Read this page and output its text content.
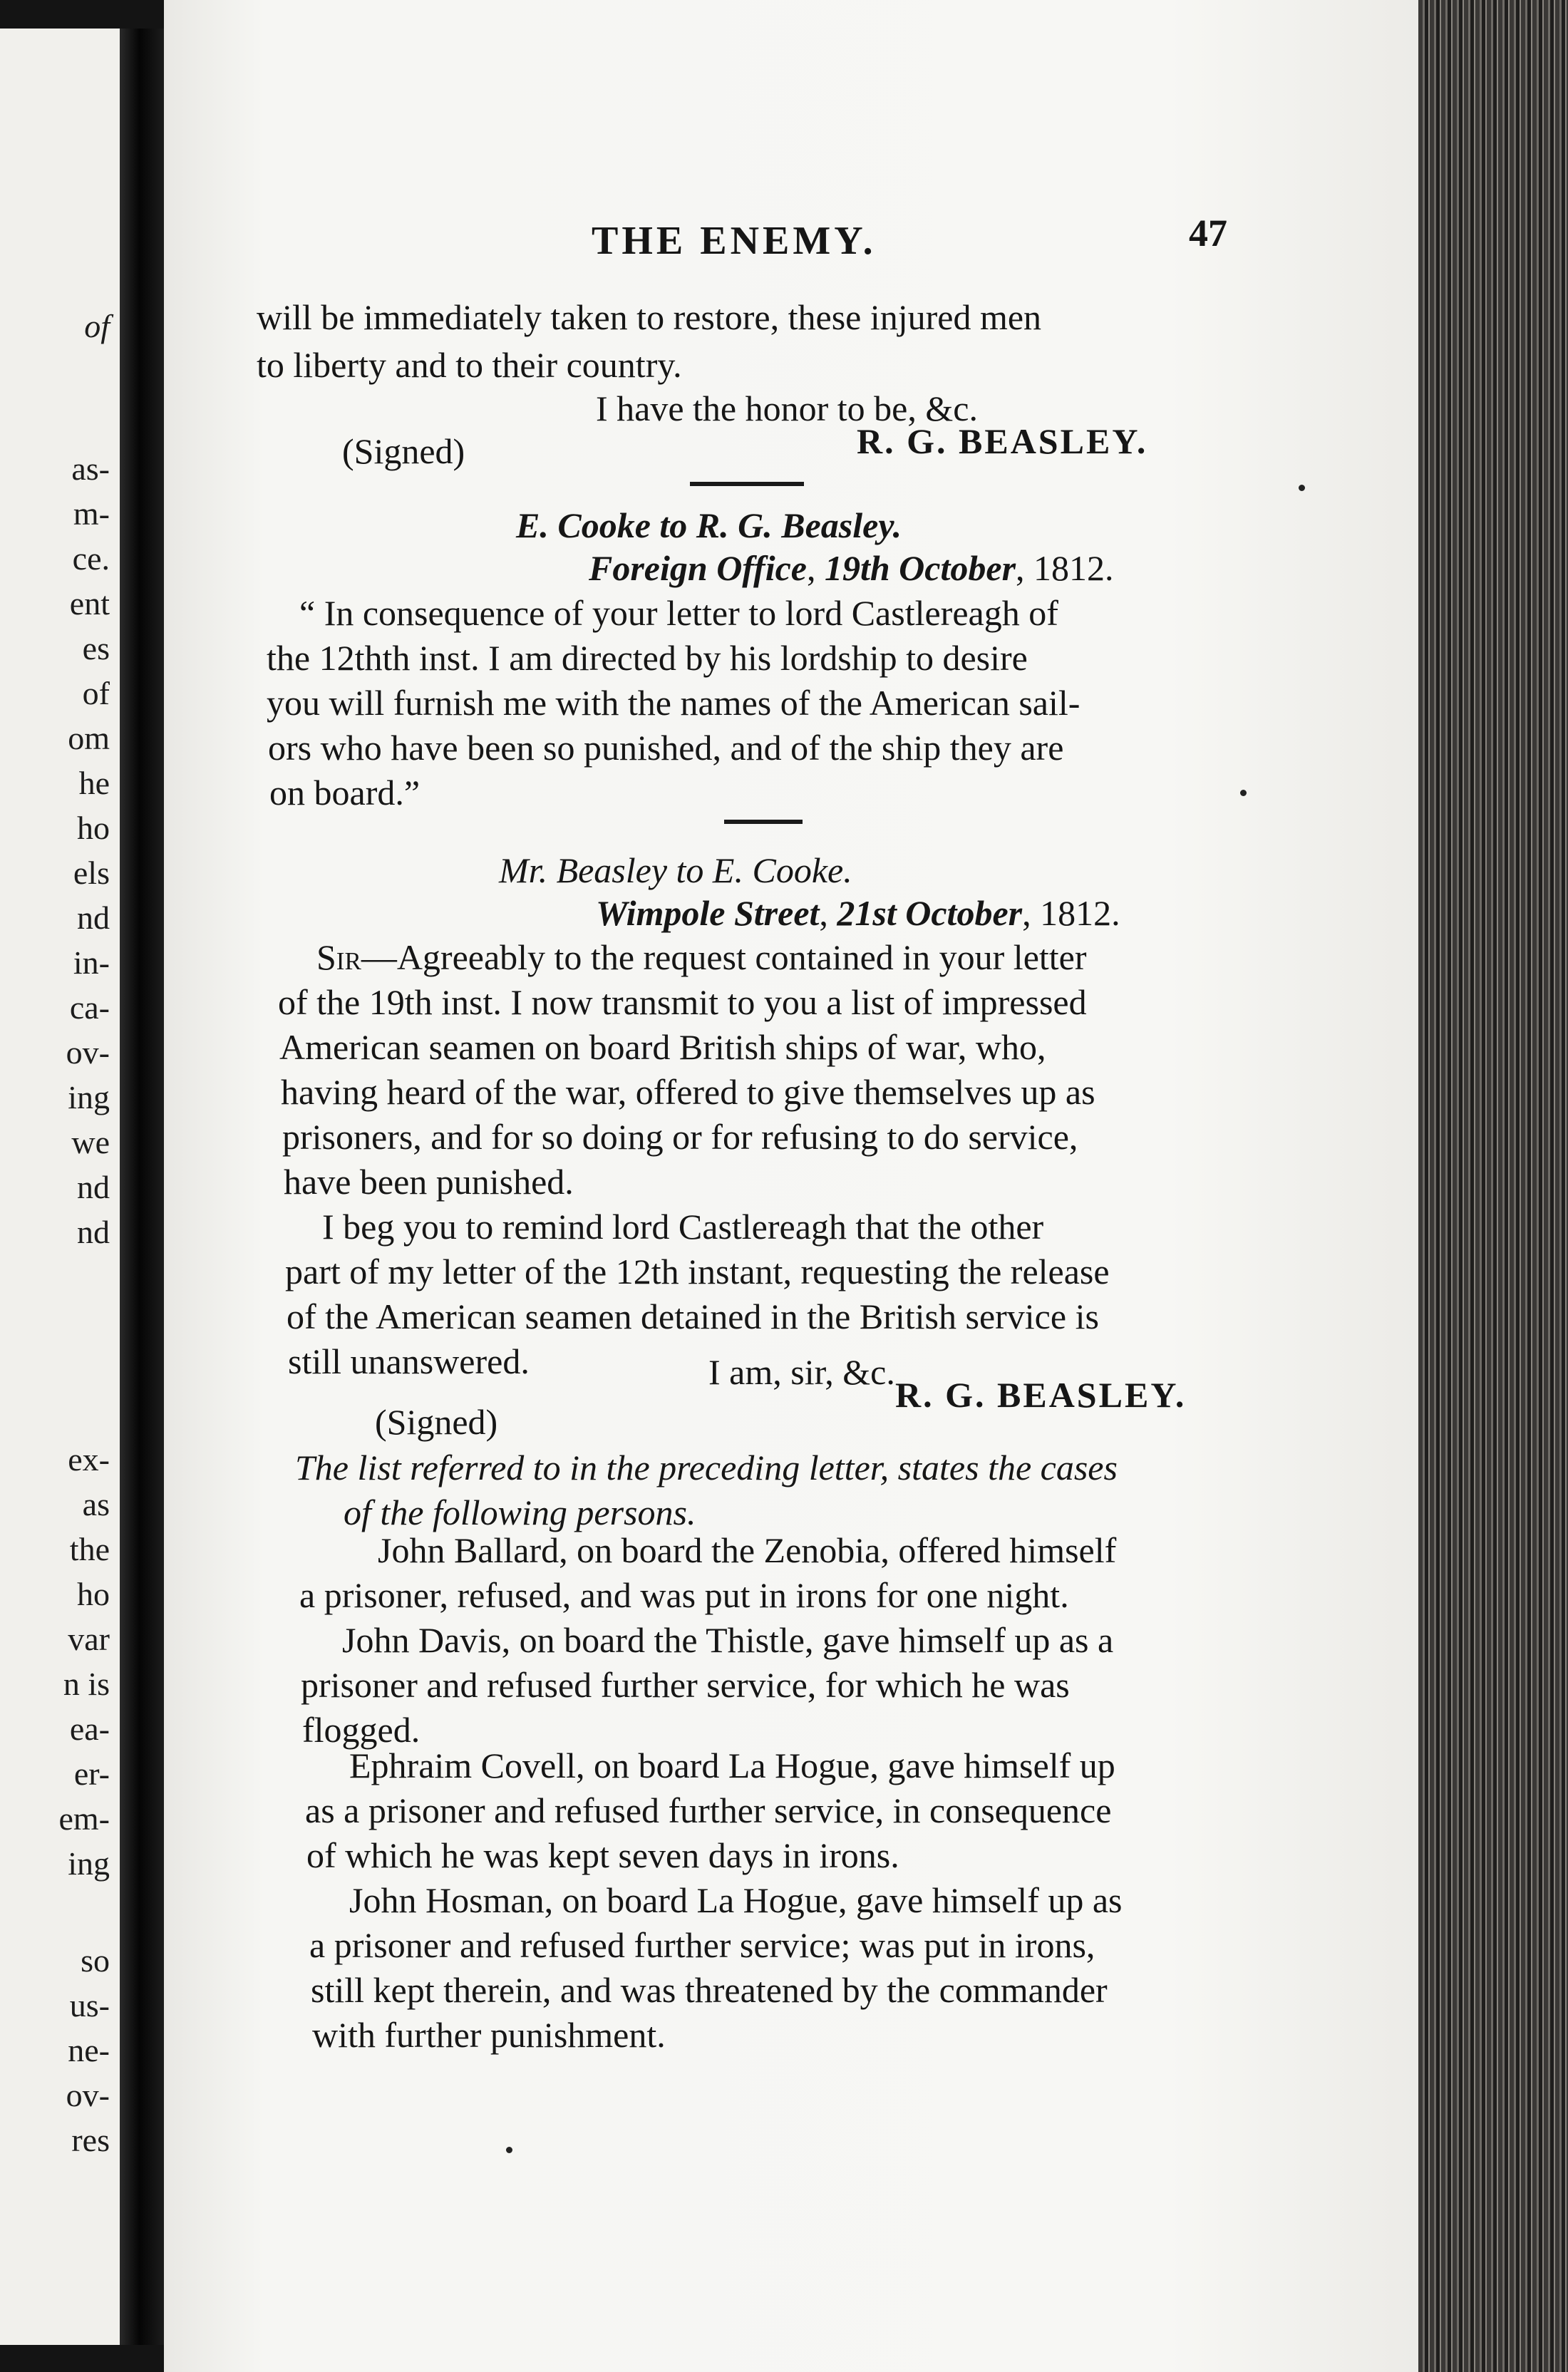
of
as-
m-
ce.
ent
es
of
om
he
ho
els
nd
in-
ca-
ov-
ing
we
nd
nd
ex-
as
the
ho
var
n is
ea-
er-
em-
ing
so
us-
ne-
ov-
res
THE ENEMY.	47
will be immediately taken to restore, these injured men
to liberty and to their country.
I have the honor to be, &c.
(Signed)	R. G. BEASLEY.
E. Cooke to R. G. Beasley.
Foreign Office, 19th October, 1812.
“ In consequence of your letter to lord Castlereagh of
the 12thth inst. I am directed by his lordship to desire
you will furnish me with the names of the American sail-
ors who have been so punished, and of the ship they are
on board.”
Mr. Beasley to E. Cooke.
Wimpole Street, 21st October, 1812.
Sir—Agreeably to the request contained in your letter
of the 19th inst. I now transmit to you a list of impressed
American seamen on board British ships of war, who,
having heard of the war, offered to give themselves up as
prisoners, and for so doing or for refusing to do service,
have been punished.
I beg you to remind lord Castlereagh that the other
part of my letter of the 12th instant, requesting the release
of the American seamen detained in the British service is
still unanswered.	I am, sir, &c.
(Signed)
R. G. BEASLEY.
The list referred to in the preceding letter, states the cases
of the following persons.
John Ballard, on board the Zenobia, offered himself
a prisoner, refused, and was put in irons for one night.
John Davis, on board the Thistle, gave himself up as a
prisoner and refused further service, for which he was
flogged.
Ephraim Covell, on board La Hogue, gave himself up
as a prisoner and refused further service, in consequence
of which he was kept seven days in irons.
John Hosman, on board La Hogue, gave himself up as
a prisoner and refused further service; was put in irons,
still kept therein, and was threatened by the commander
with further punishment.
